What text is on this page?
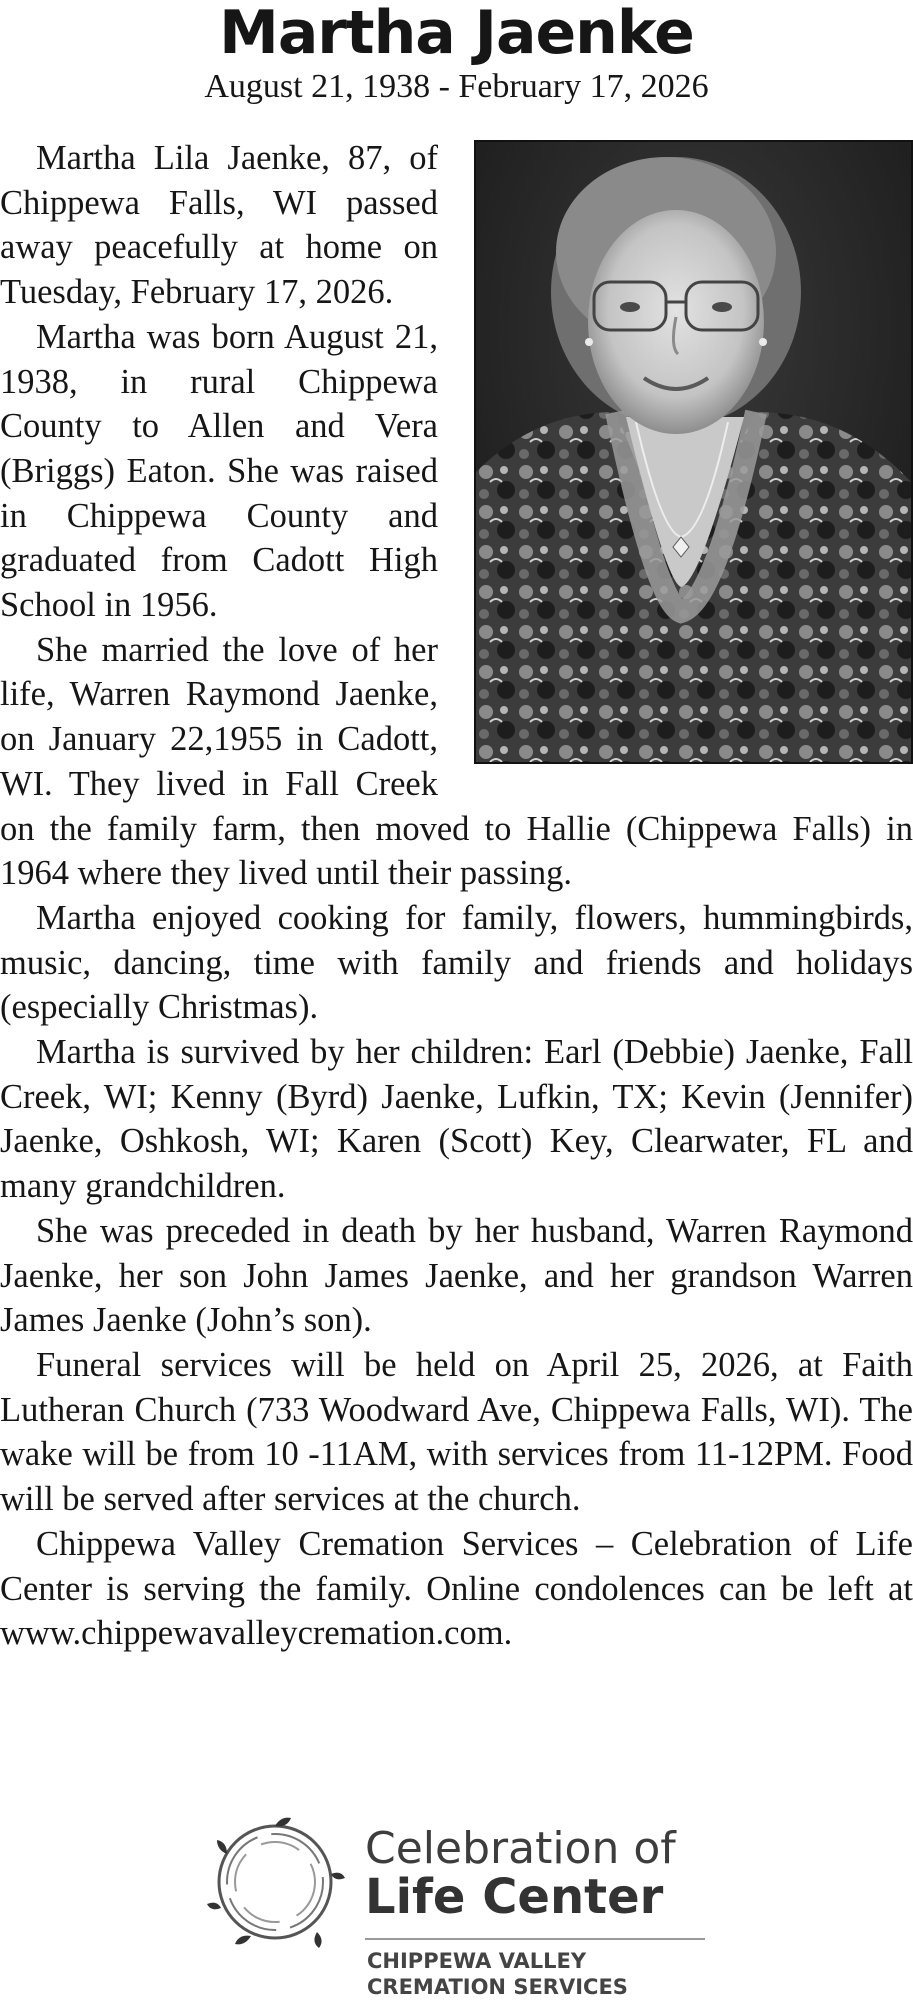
Martha Jaenke
August 21, 1938 - February 17, 2026

Martha Lila Jaenke, 87, of Chippewa Falls, WI passed away peacefully at home on Tuesday, February 17, 2026.

Martha was born August 21, 1938, in rural Chippewa County to Allen and Vera (Briggs) Eaton. She was raised in Chippewa County and graduated from Cadott High School in 1956.

She married the love of her life, Warren Raymond Jaenke, on January 22,1955 in Cadott, WI. They lived in Fall Creek on the family farm, then moved to Hallie (Chippewa Falls) in 1964 where they lived until their passing.

Martha enjoyed cooking for family, flowers, hummingbirds, music, dancing, time with family and friends and holidays (especially Christmas).

Martha is survived by her children: Earl (Debbie) Jaenke, Fall Creek, WI; Kenny (Byrd) Jaenke, Lufkin, TX; Kevin (Jennifer) Jaenke, Oshkosh, WI; Karen (Scott) Key, Clearwater, FL and many grandchildren.

She was preceded in death by her husband, Warren Raymond Jaenke, her son John James Jaenke, and her grandson Warren James Jaenke (John’s son).

Funeral services will be held on April 25, 2026, at Faith Lutheran Church (733 Woodward Ave, Chippewa Falls, WI). The wake will be from 10 -11AM, with services from 11-12PM. Food will be served after services at the church.

Chippewa Valley Cremation Services – Celebration of Life Center is serving the family. Online condolences can be left at www.chippewavalleycremation.com.

Celebration of
Life Center
CHIPPEWA VALLEY
CREMATION SERVICES
